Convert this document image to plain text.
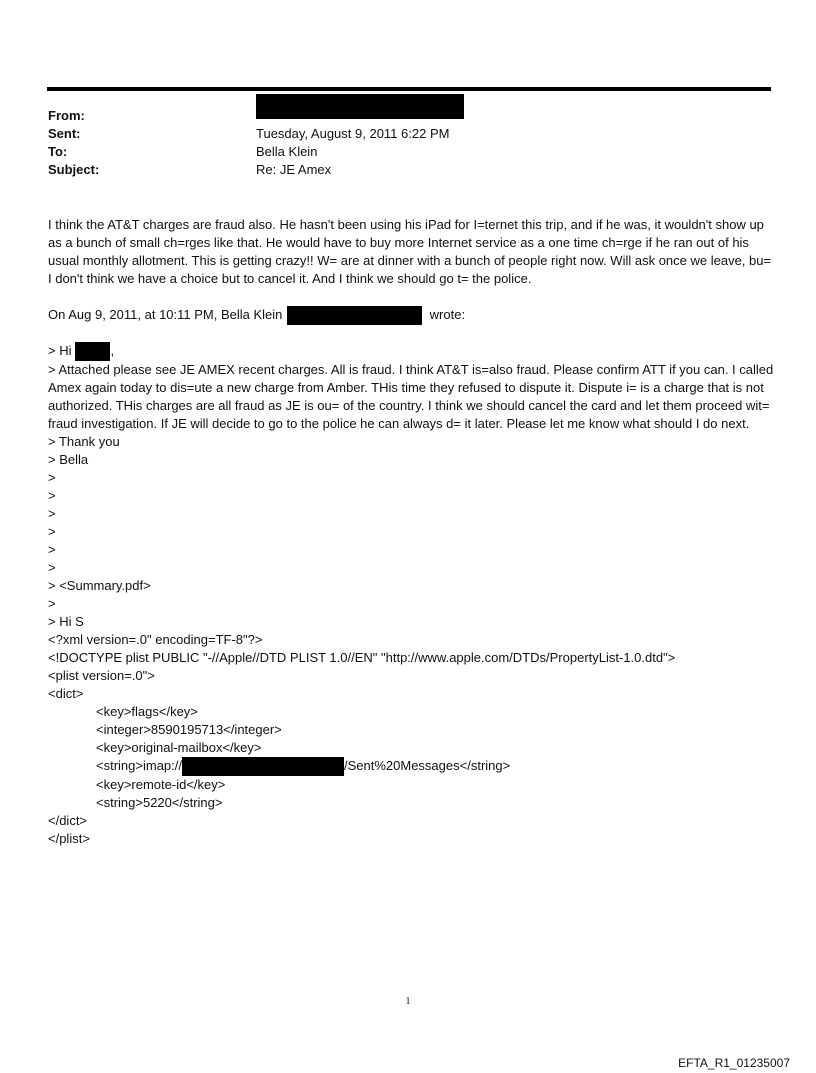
From:
Sent:	Tuesday, August 9, 2011 6:22 PM
To:	Bella Klein
Subject:	Re: JE Amex

I think the AT&T charges are fraud also. He hasn't been using his iPad for I=ternet this trip, and if he was, it wouldn't show up as a bunch of small ch=rges like that. He would have to buy more Internet service as a one time ch=rge if he ran out of his usual monthly allotment. This is getting crazy!! W= are at dinner with a bunch of people right now. Will ask once we leave, bu= I don't think we have a choice but to cancel it. And I think we should go t= the police.

On Aug 9, 2011, at 10:11 PM, Bella Klein	wrote:

> Hi	,

> Attached please see JE AMEX recent charges. All is fraud. I think AT&T is=also fraud. Please confirm ATT if you can. I called Amex again today to dis=ute a new charge from Amber. THis time they refused to dispute it. Dispute i= is a charge that is not authorized. THis charges are all fraud as JE is ou= of the country. I think we should cancel the card and let them proceed wit= fraud investigation. If JE will decide to go to the police he can always d= it later. Please let me know what should I do next.

> Thank you

> Bella

>

>

>

>

>

>

> <Summary.pdf>

>

> Hi S

<?xml version=.0" encoding=TF-8"?>

<!DOCTYPE plist PUBLIC "-//Apple//DTD PLIST 1.0//EN" "http://www.apple.com/DTDs/PropertyList-1.0.dtd">

<plist version=.0">

<dict>

<key>flags</key>

<integer>8590195713</integer>

<key>original-mailbox</key>

<string>imap://	/Sent%20Messages</string>

<key>remote-id</key>

<string>5220</string>

</dict>

</plist>

1
EFTA_R1_01235007
